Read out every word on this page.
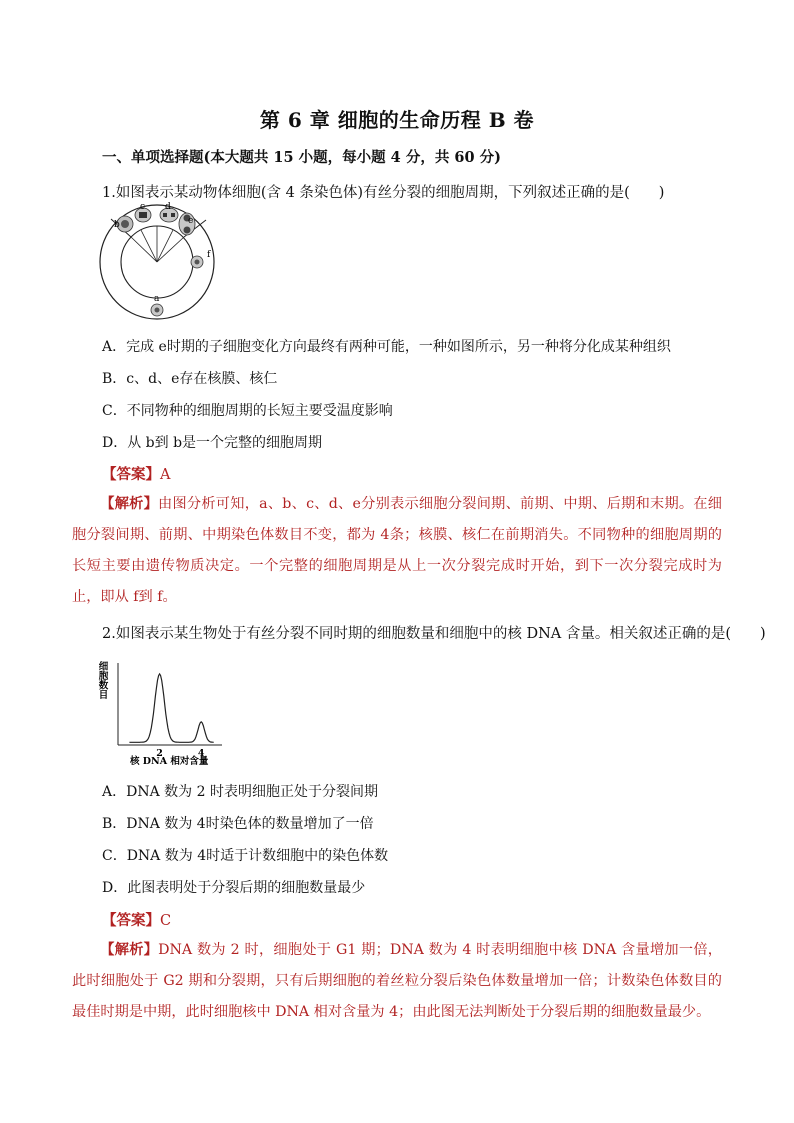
第 6 章 细胞的生命历程 B 卷
一、单项选择题(本大题共 15 小题，每小题 4 分，共 60 分)
1.如图表示某动物体细胞(含 4 条染色体)有丝分裂的细胞周期，下列叙述正确的是(　　)
b
c d
e
f
a
A．完成 e时期的子细胞变化方向最终有两种可能，一种如图所示，另一种将分化成某种组织
B．c、d、e存在核膜、核仁
C．不同物种的细胞周期的长短主要受温度影响
D．从 b到 b是一个完整的细胞周期
【答案】A
【解析】由图分析可知，a、b、c、d、e分别表示细胞分裂间期、前期、中期、后期和末期。在细胞分裂间期、前期、中期染色体数目不变，都为 4条；核膜、核仁在前期消失。不同物种的细胞周期的长短主要由遗传物质决定。一个完整的细胞周期是从上一次分裂完成时开始，到下一次分裂完成时为止，即从 f到 f。
2.如图表示某生物处于有丝分裂不同时期的细胞数量和细胞中的核 DNA 含量。相关叙述正确的是(　　)
细胞数目
2	4
核 DNA 相对含量
A．DNA 数为 2 时表明细胞正处于分裂间期
B．DNA 数为 4时染色体的数量增加了一倍
C．DNA 数为 4时适于计数细胞中的染色体数
D．此图表明处于分裂后期的细胞数量最少
【答案】C
【解析】DNA 数为 2 时，细胞处于 G1 期；DNA 数为 4 时表明细胞中核 DNA 含量增加一倍，此时细胞处于 G2 期和分裂期，只有后期细胞的着丝粒分裂后染色体数量增加一倍；计数染色体数目的最佳时期是中期，此时细胞核中 DNA 相对含量为 4；由此图无法判断处于分裂后期的细胞数量最少。
